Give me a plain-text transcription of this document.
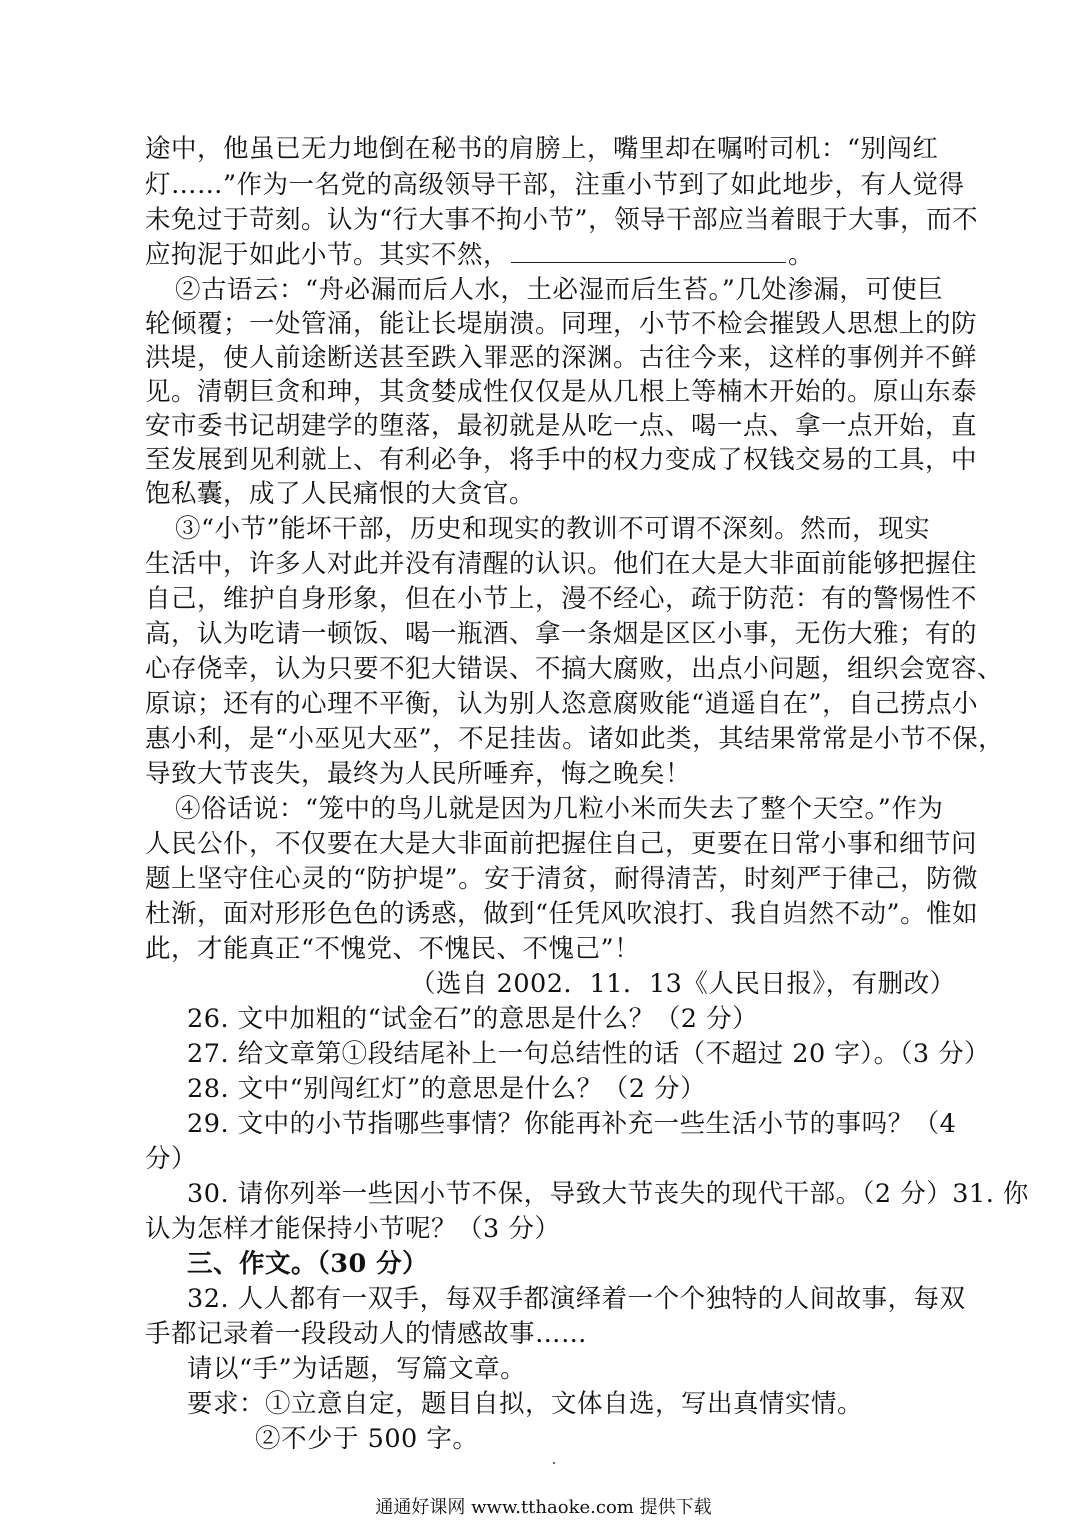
途中，他虽已无力地倒在秘书的肩膀上，嘴里却在嘱咐司机：“别闯红
灯……”作为一名党的高级领导干部，注重小节到了如此地步，有人觉得
未免过于苛刻。认为“行大事不拘小节”，领导干部应当着眼于大事，而不
应拘泥于如此小节。其实不然，	。
②古语云：“舟必漏而后人水，土必湿而后生苔。”几处渗漏，可使巨
轮倾覆；一处管涌，能让长堤崩溃。同理，小节不检会摧毁人思想上的防
洪堤，使人前途断送甚至跌入罪恶的深渊。古往今来，这样的事例并不鲜
见。清朝巨贪和珅，其贪婪成性仅仅是从几根上等楠木开始的。原山东泰
安市委书记胡建学的堕落，最初就是从吃一点、喝一点、拿一点开始，直
至发展到见利就上、有利必争，将手中的权力变成了权钱交易的工具，中
饱私囊，成了人民痛恨的大贪官。
③“小节”能坏干部，历史和现实的教训不可谓不深刻。然而，现实
生活中，许多人对此并没有清醒的认识。他们在大是大非面前能够把握住
自己，维护自身形象，但在小节上，漫不经心，疏于防范：有的警惕性不
高，认为吃请一顿饭、喝一瓶酒、拿一条烟是区区小事，无伤大雅；有的
心存侥幸，认为只要不犯大错误、不搞大腐败，出点小问题，组织会宽容、
原谅；还有的心理不平衡，认为别人恣意腐败能“逍遥自在”，自己捞点小
惠小利，是“小巫见大巫”，不足挂齿。诸如此类，其结果常常是小节不保，
导致大节丧失，最终为人民所唾弃，悔之晚矣！
④俗话说：“笼中的鸟儿就是因为几粒小米而失去了整个天空。”作为
人民公仆，不仅要在大是大非面前把握住自己，更要在日常小事和细节问
题上坚守住心灵的“防护堤”。安于清贫，耐得清苦，时刻严于律己，防微
杜渐，面对形形色色的诱惑，做到“任凭风吹浪打、我自岿然不动”。惟如
此，才能真正“不愧党、不愧民、不愧己”！
（选自 2002．11．13《人民日报》，有删改）
26. 文中加粗的“试金石”的意思是什么？（2 分）
27. 给文章第①段结尾补上一句总结性的话（不超过 20 字）。（3 分）
28. 文中“别闯红灯”的意思是什么？（2 分）
29. 文中的小节指哪些事情？你能再补充一些生活小节的事吗？（4
分）
30. 请你列举一些因小节不保，导致大节丧失的现代干部。（2 分）31. 你
认为怎样才能保持小节呢？（3 分）
三、作文。（30 分）
32. 人人都有一双手，每双手都演绎着一个个独特的人间故事，每双
手都记录着一段段动人的情感故事……
请以“手”为话题，写篇文章。
要求：①立意自定，题目自拟，文体自选，写出真情实情。
②不少于 500 字。
通通好课网 www.tthaoke.com 提供下载
